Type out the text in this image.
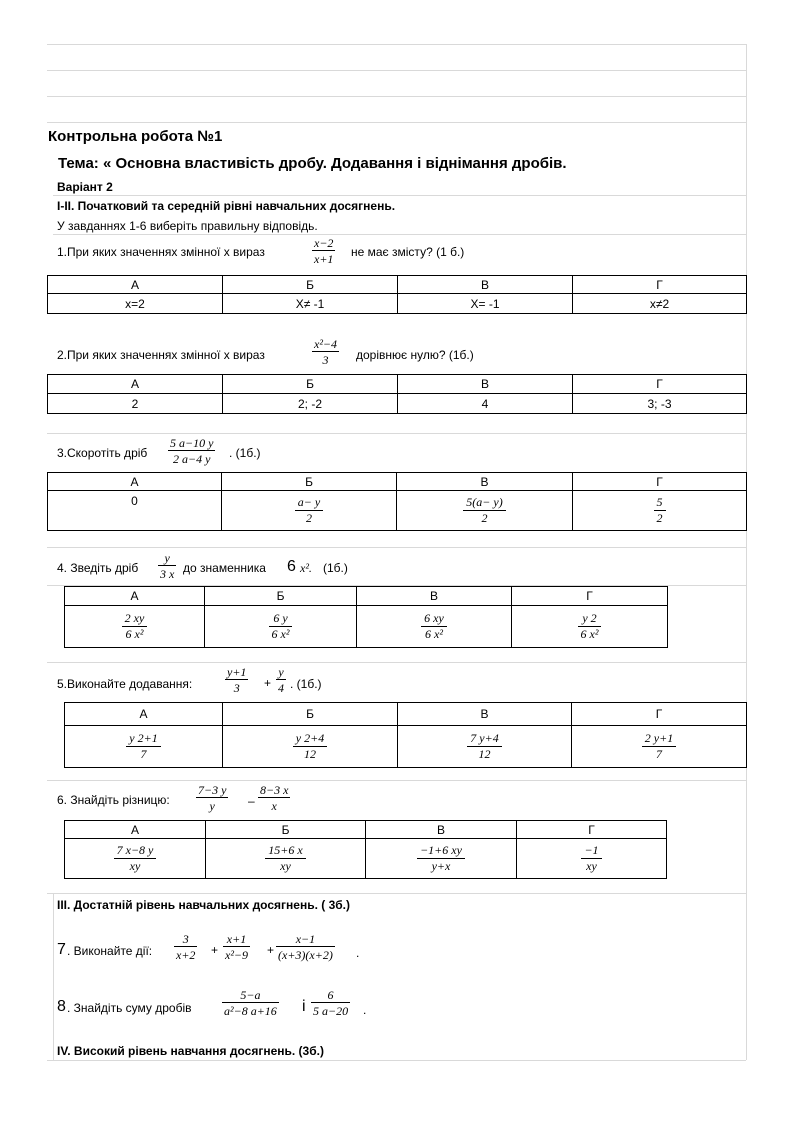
Контрольна робота №1
Тема: « Основна властивість дробу. Додавання і віднімання дробів.
Варіант 2
I-II. Початковий та середній рівні навчальних досягнень.
У завданнях 1-6 виберіть правильну відповідь.
1.При яких значеннях змінної х вираз	$\frac{x-2}{x+1}$ не має змісту? (1 б.)
А	Б	В	Г
x=2	X≠ -1	X= -1	x≠2
2.При яких значеннях змінної х вираз	$\frac{\text{x²−4}}{3}$ дорівнює нулю? (1б.)
А	Б	В	Г
2	2; -2	4	3; -3
3.Скоротіть дріб $\frac{5 a-10 y}{2 a-4 y}$ . (1б.)
А	Б	В	Г
0	$\frac{a- y}{2}$	$\frac{5(a- y)}{2}$	$\frac{5}{2}$
4. Зведіть дріб $\frac{y}{3 x}$ до знаменника 6 x². (1б.)
А	Б	В	Г

$\frac{2 xy}{\text{6 x²}}$	$\frac{6 y}{\text{6 x²}}$	$\frac{6 xy}{\text{6 x²}}$	$\frac{y 2}{\text{6 x²}}$
5.Виконайте додавання:	$\frac{y+1}{3} + \frac{y}{4}$ . (1б.)
А	Б	В	Г

$\frac{y 2+1}{7}$	$\frac{y 2+4}{12}$	$\frac{7 y+4}{12}$	$\frac{2 y+1}{7}$
6. Знайдіть різницю: $\frac{7-3 y}{y} - \frac{8-3 x}{x}$
А	Б	В	Г

$\frac{7 x-8 y}{xy}$	$\frac{15+6 x}{xy}$	$\frac{-1+6 xy}{y+x}$	$\frac{-1}{xy}$
III. Достатній рівень навчальних досягнень. ( 3б.)
7 . Виконайте дії: $\frac{3}{x+2} + \frac{x+1}{\text{x²−9}} + \frac{x-1}{(x+3)(x+2)}$ .
8 . Знайдіть суму дробів	$\frac{5-a}{\text{a²−8 a+16}}$ і $\frac{6}{5 a-20}$ .
IV. Високий рівень навчання досягнень. (3б.)
